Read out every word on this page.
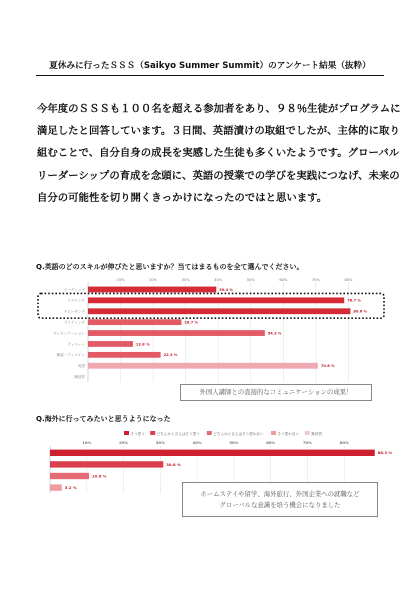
夏休みに行ったＳＳＳ（Saikyo Summer Summit）のアンケート結果（抜粋）

今年度のＳＳＳも１００名を超える参加者をあり、９８％生徒がプログラムに

満足したと回答しています。３日間、英語漬けの取組でしたが、主体的に取り

組むことで、自分自身の成長を実感した生徒も多くいたようです。グローバル

リーダーシップの育成を念頭に、英語の授業での学びを実践につなげ、未来の

自分の可能性を切り開くきっかけになったのではと思います。

Q.英語のどのスキルが伸びたと思いますか？当てはまるものを全て選んでください。
10%	20%	30%	40%	50%	60%	70%	80%
リーディング	39.4 %
リスニング	78.7 %
スピーキング	80.6 %
ライティング	28.7 %
プレゼンテーション	54.3 %
ディベート	13.8 %
検索・ディベイト	22.3 %
英語	70.6 %
無回答
外国人講師との直接的なコミュニケーションの成果！
Q.海外に行ってみたいと思うようになった
そう思う	どちらかと言えばそう思う	どちらかと言えばそう思わない	そう思わない	無回答
10%	20%	30%	40%	50%	60%	70%	80%
88.3 %
30.8 %
10.6 %
3.2 %
ホームステイや留学、海外旅行、外国企業への就職など
グローバルな意識を培う機会になりました
